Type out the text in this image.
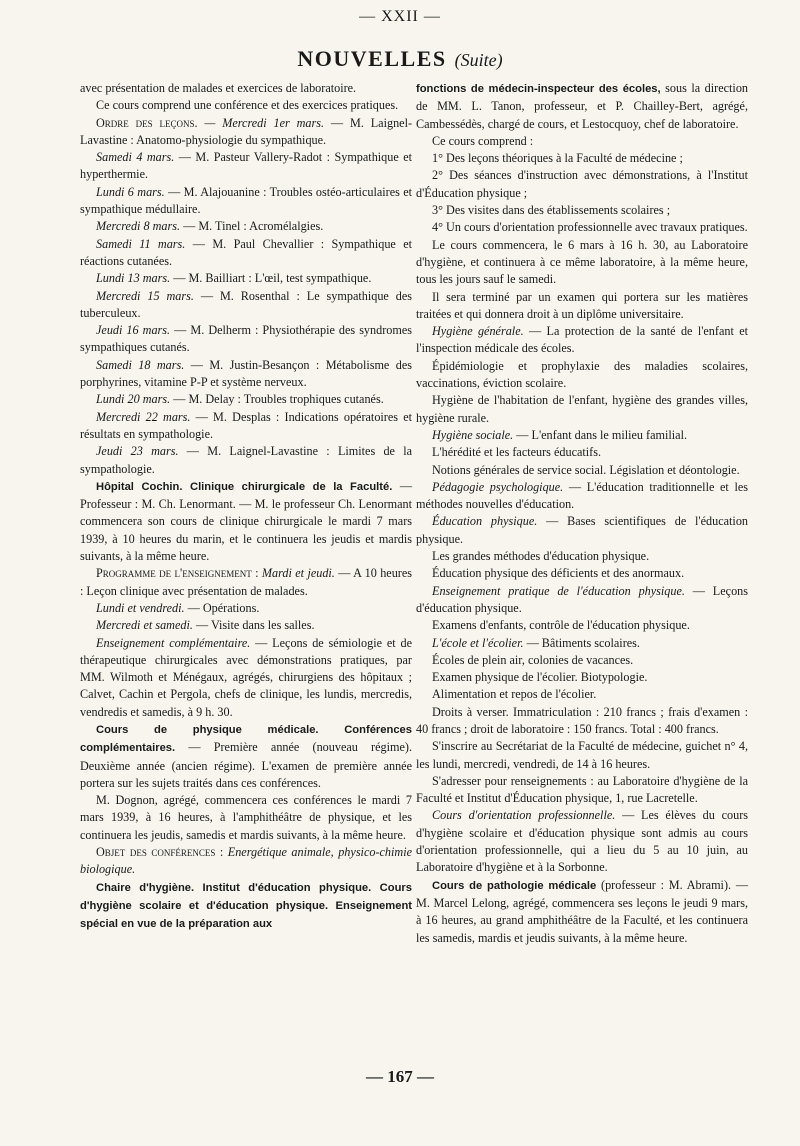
— XXII —
NOUVELLES (Suite)

avec présentation de malades et exercices de laboratoire.

Ce cours comprend une conférence et des exercices pratiques.

Ordre des leçons. — Mercredi 1er mars. — M. Laignel-Lavastine : Anatomo-physiologie du sympathique.

Samedi 4 mars. — M. Pasteur Vallery-Radot : Sympathique et hyperthermie.

Lundi 6 mars. — M. Alajouanine : Troubles ostéo-articulaires et sympathique médullaire.

Mercredi 8 mars. — M. Tinel : Acromélalgies.

Samedi 11 mars. — M. Paul Chevallier : Sympathique et réactions cutanées.

Lundi 13 mars. — M. Bailliart : L'œil, test sympathique.

Mercredi 15 mars. — M. Rosenthal : Le sympathique des tuberculeux.

Jeudi 16 mars. — M. Delherm : Physiothérapie des syndromes sympathiques cutanés.

Samedi 18 mars. — M. Justin-Besançon : Métabolisme des porphyrines, vitamine P-P et système nerveux.

Lundi 20 mars. — M. Delay : Troubles trophiques cutanés.

Mercredi 22 mars. — M. Desplas : Indications opératoires et résultats en sympathologie.

Jeudi 23 mars. — M. Laignel-Lavastine : Limites de la sympathologie.

Hôpital Cochin. Clinique chirurgicale de la Faculté. — Professeur : M. Ch. Lenormant. — M. le professeur Ch. Lenormant commencera son cours de clinique chirurgicale le mardi 7 mars 1939, à 10 heures du marin, et le continuera les jeudis et mardis suivants, à la même heure.

Programme de l'enseignement : Mardi et jeudi. — A 10 heures : Leçon clinique avec présentation de malades.

Lundi et vendredi. — Opérations.

Mercredi et samedi. — Visite dans les salles.

Enseignement complémentaire. — Leçons de sémiologie et de thérapeutique chirurgicales avec démonstrations pratiques, par MM. Wilmoth et Ménégaux, agrégés, chirurgiens des hôpitaux ; Calvet, Cachin et Pergola, chefs de clinique, les lundis, mercredis, vendredis et samedis, à 9 h. 30.

Cours de physique médicale. Conférences complémentaires. — Première année (nouveau régime). Deuxième année (ancien régime). L'examen de première année portera sur les sujets traités dans ces conférences.

M. Dognon, agrégé, commencera ces conférences le mardi 7 mars 1939, à 16 heures, à l'amphithéâtre de physique, et les continuera les jeudis, samedis et mardis suivants, à la même heure.

Objet des conférences : Energétique animale, physico-chimie biologique.

Chaire d'hygiène. Institut d'éducation physique. Cours d'hygiène scolaire et d'éducation physique. Enseignement spécial en vue de la préparation aux

fonctions de médecin-inspecteur des écoles, sous la direction de MM. L. Tanon, professeur, et P. Chailley-Bert, agrégé, Cambessédès, chargé de cours, et Lestocquoy, chef de laboratoire.

Ce cours comprend :

1° Des leçons théoriques à la Faculté de médecine ;

2° Des séances d'instruction avec démonstrations, à l'Institut d'Éducation physique ;

3° Des visites dans des établissements scolaires ;

4° Un cours d'orientation professionnelle avec travaux pratiques.

Le cours commencera, le 6 mars à 16 h. 30, au Laboratoire d'hygiène, et continuera à ce même laboratoire, à la même heure, tous les jours sauf le samedi.

Il sera terminé par un examen qui portera sur les matières traitées et qui donnera droit à un diplôme universitaire.

Hygiène générale. — La protection de la santé de l'enfant et l'inspection médicale des écoles.

Épidémiologie et prophylaxie des maladies scolaires, vaccinations, éviction scolaire.

Hygiène de l'habitation de l'enfant, hygiène des grandes villes, hygiène rurale.

Hygiène sociale. — L'enfant dans le milieu familial.

L'hérédité et les facteurs éducatifs.

Notions générales de service social. Législation et déontologie.

Pédagogie psychologique. — L'éducation traditionnelle et les méthodes nouvelles d'éducation.

Éducation physique. — Bases scientifiques de l'éducation physique.

Les grandes méthodes d'éducation physique.

Éducation physique des déficients et des anormaux.

Enseignement pratique de l'éducation physique. — Leçons d'éducation physique.

Examens d'enfants, contrôle de l'éducation physique.

L'école et l'écolier. — Bâtiments scolaires.

Écoles de plein air, colonies de vacances.

Examen physique de l'écolier. Biotypologie.

Alimentation et repos de l'écolier.

Droits à verser. Immatriculation : 210 francs ; frais d'examen : 40 francs ; droit de laboratoire : 150 francs. Total : 400 francs.

S'inscrire au Secrétariat de la Faculté de médecine, guichet n° 4, les lundi, mercredi, vendredi, de 14 à 16 heures.

S'adresser pour renseignements : au Laboratoire d'hygiène de la Faculté et Institut d'Éducation physique, 1, rue Lacretelle.

Cours d'orientation professionnelle. — Les élèves du cours d'hygiène scolaire et d'éducation physique sont admis au cours d'orientation professionnelle, qui a lieu du 5 au 10 juin, au Laboratoire d'hygiène et à la Sorbonne.

Cours de pathologie médicale (professeur : M. Abrami). — M. Marcel Lelong, agrégé, commencera ses leçons le jeudi 9 mars, à 16 heures, au grand amphithéâtre de la Faculté, et les continuera les samedis, mardis et jeudis suivants, à la même heure.

— 167 —
